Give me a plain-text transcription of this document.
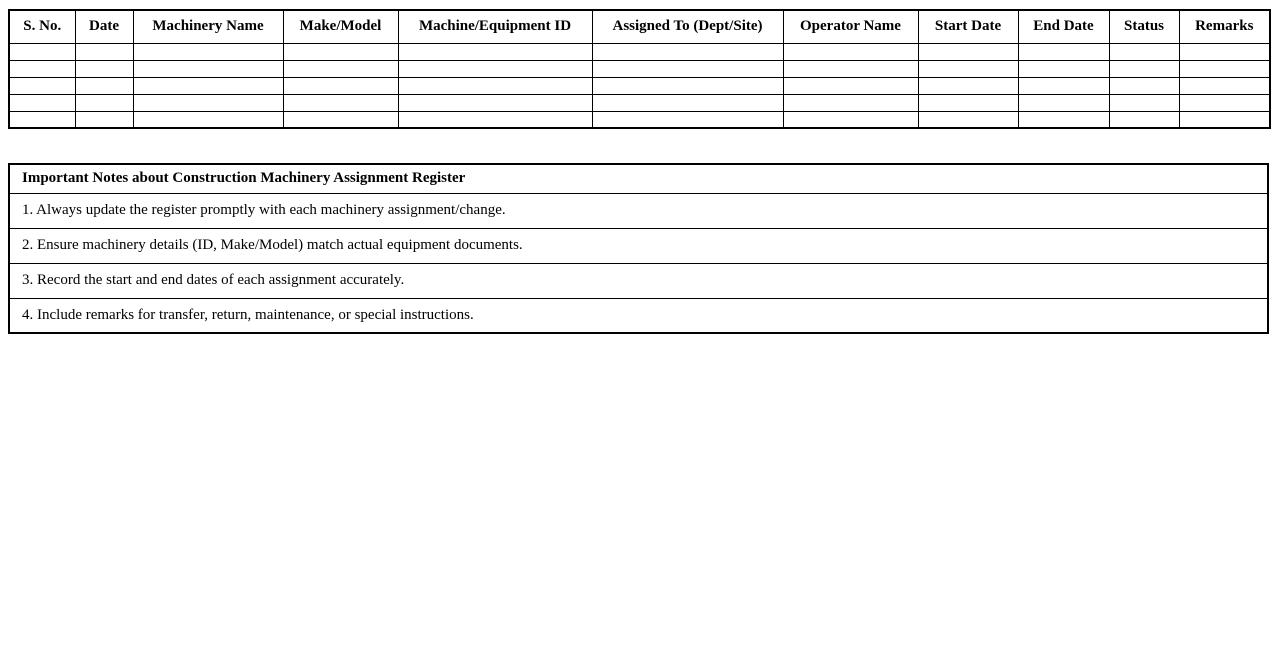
S. No.	Date	Machinery Name	Make/Model	Machine/Equipment ID	Assigned To (Dept/Site)	Operator Name	Start Date	End Date	Status	Remarks

Important Notes about Construction Machinery Assignment Register
1. Always update the register promptly with each machinery assignment/change.
2. Ensure machinery details (ID, Make/Model) match actual equipment documents.
3. Record the start and end dates of each assignment accurately.
4. Include remarks for transfer, return, maintenance, or special instructions.
